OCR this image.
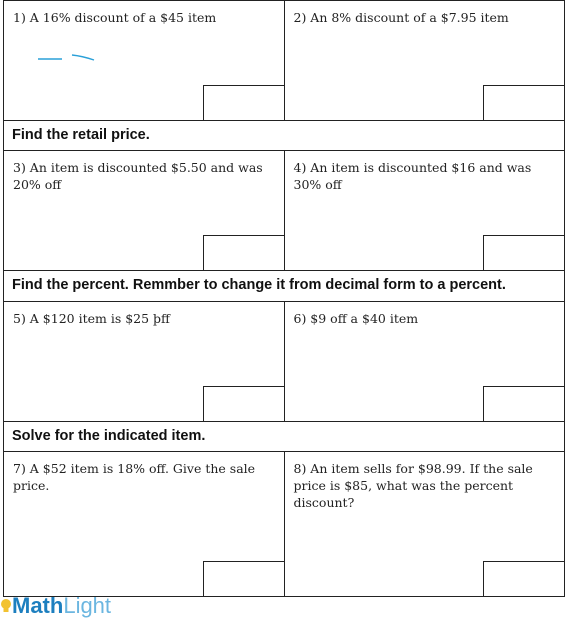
1) A 16% discount of a $45 item	2) An 8% discount of a $7.95 item
Find the retail price.
3) An item is discounted $5.50 and was 20% off
4) An item is discounted $16 and was 30% off
Find the percent. Remmber to change it from decimal form to a percent.
5) A $120 item is $25 þff	6) $9 off a $40 item
Solve for the indicated item.
7) A $52 item is 18% off. Give the sale price.
8) An item sells for $98.99. If the sale price is $85, what was the percent discount?
Math Light
